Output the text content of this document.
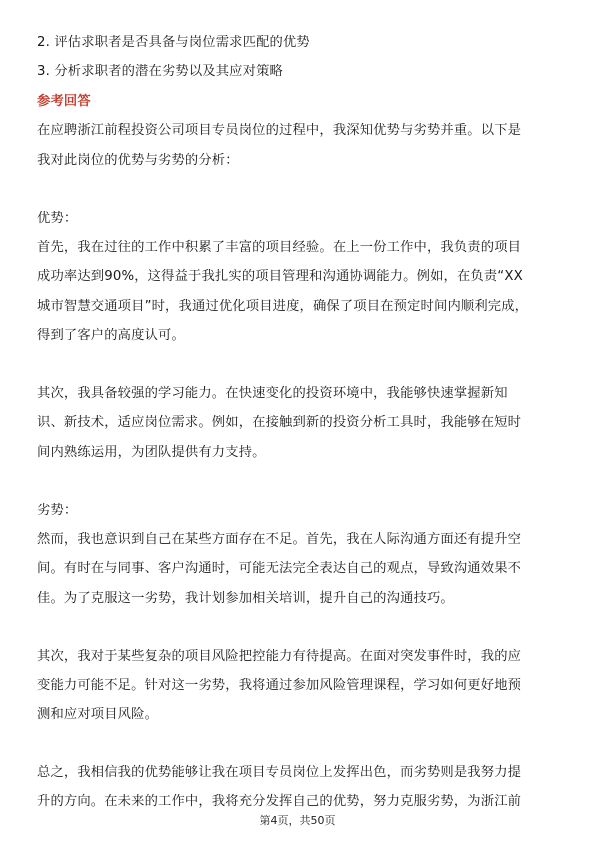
2. 评估求职者是否具备与岗位需求匹配的优势
3. 分析求职者的潜在劣势以及其应对策略
参考回答
在应聘浙江前程投资公司项目专员岗位的过程中，我深知优势与劣势并重。以下是
我对此岗位的优势与劣势的分析：
优势：
首先，我在过往的工作中积累了丰富的项目经验。在上一份工作中，我负责的项目
成功率达到90%，这得益于我扎实的项目管理和沟通协调能力。例如，在负责“XX
城市智慧交通项目”时，我通过优化项目进度，确保了项目在预定时间内顺利完成，
得到了客户的高度认可。
其次，我具备较强的学习能力。在快速变化的投资环境中，我能够快速掌握新知
识、新技术，适应岗位需求。例如，在接触到新的投资分析工具时，我能够在短时
间内熟练运用，为团队提供有力支持。
劣势：
然而，我也意识到自己在某些方面存在不足。首先，我在人际沟通方面还有提升空
间。有时在与同事、客户沟通时，可能无法完全表达自己的观点，导致沟通效果不
佳。为了克服这一劣势，我计划参加相关培训，提升自己的沟通技巧。
其次，我对于某些复杂的项目风险把控能力有待提高。在面对突发事件时，我的应
变能力可能不足。针对这一劣势，我将通过参加风险管理课程，学习如何更好地预
测和应对项目风险。
总之，我相信我的优势能够让我在项目专员岗位上发挥出色，而劣势则是我努力提
升的方向。在未来的工作中，我将充分发挥自己的优势，努力克服劣势，为浙江前
第4页，共50页
